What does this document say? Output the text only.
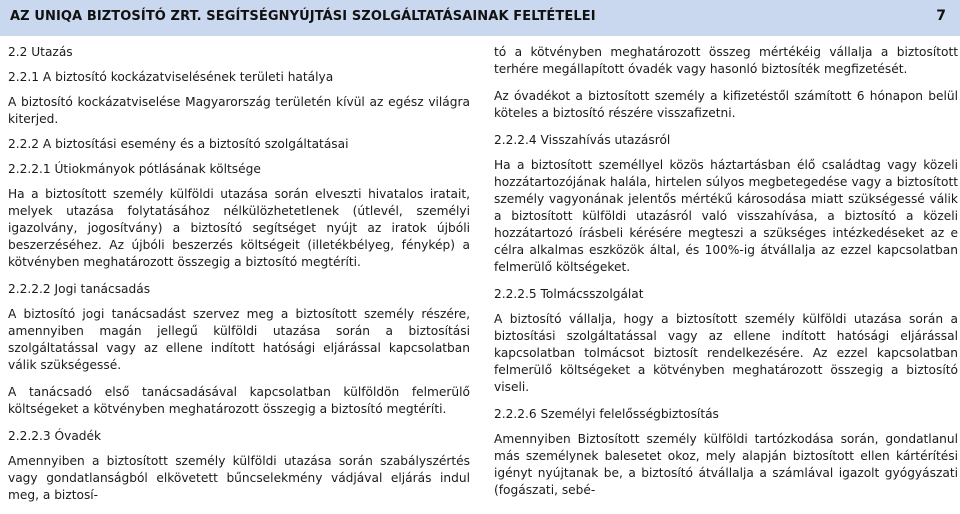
AZ UNIQA BIZTOSÍTÓ ZRT. SEGÍTSÉGNYÚJTÁSI SZOLGÁLTATÁSAINAK FELTÉTELEI	7
2.2 Utazás
2.2.1 A biztosító kockázatviselésének területi hatálya

A biztosító kockázatviselése Magyarország területén kívül az egész világra kiterjed.

2.2.2 A biztosítási esemény és a biztosító szolgáltatásai
2.2.2.1 Útiokmányok pótlásának költsége

Ha a biztosított személy külföldi utazása során elveszti hivatalos iratait, melyek utazása folytatásához nélkülözhetetlenek (útlevél, személyi igazolvány, jogosítvány) a biztosító segítséget nyújt az iratok újbóli beszerzéséhez. Az újbóli beszerzés költségeit (illetékbélyeg, fénykép) a kötvényben meghatározott összegig a biztosító megtéríti.

2.2.2.2 Jogi tanácsadás

A biztosító jogi tanácsadást szervez meg a biztosított személy részére, amennyiben magán jellegű külföldi utazása során a biztosítási szolgáltatással vagy az ellene indított hatósági eljárással kapcsolatban válik szükségessé.

A tanácsadó első tanácsadásával kapcsolatban külföldön felmerülő költségeket a kötvényben meghatározott összegig a biztosító megtéríti.

2.2.2.3 Óvadék

Amennyiben a biztosított személy külföldi utazása során szabályszértés vagy gondatlanságból elkövetett bűncselekmény vádjával eljárás indul meg, a biztosí-

tó a kötvényben meghatározott összeg mértékéig vállalja a biztosított terhére megállapított óvadék vagy hasonló biztosíték megfizetését.

Az óvadékot a biztosított személy a kifizetéstől számított 6 hónapon belül köteles a biztosító részére visszafizetni.

2.2.2.4 Visszahívás utazásról

Ha a biztosított személlyel közös háztartásban élő családtag vagy közeli hozzátartozójának halála, hirtelen súlyos megbetegedése vagy a biztosított személy vagyonának jelentős mértékű károsodása miatt szükségessé válik a biztosított külföldi utazásról való visszahívása, a biztosító a közeli hozzátartozó írásbeli kérésére megteszi a szükséges intézkedéseket az e célra alkalmas eszközök által, és 100%-ig átvállalja az ezzel kapcsolatban felmerülő költségeket.

2.2.2.5 Tolmácsszolgálat

A biztosító vállalja, hogy a biztosított személy külföldi utazása során a biztosítási szolgáltatással vagy az ellene indított hatósági eljárással kapcsolatban tolmácsot biztosít rendelkezésére. Az ezzel kapcsolatban felmerülő költségeket a kötvényben meghatározott összegig a biztosító viseli.

2.2.2.6 Személyi felelősségbiztosítás

Amennyiben Biztosított személy külföldi tartózkodása során, gondatlanul más személynek balesetet okoz, mely alapján biztosított ellen kártérítési igényt nyújtanak be, a biztosító átvállalja a számlával igazolt gyógyászati (fogászati, sebé-
